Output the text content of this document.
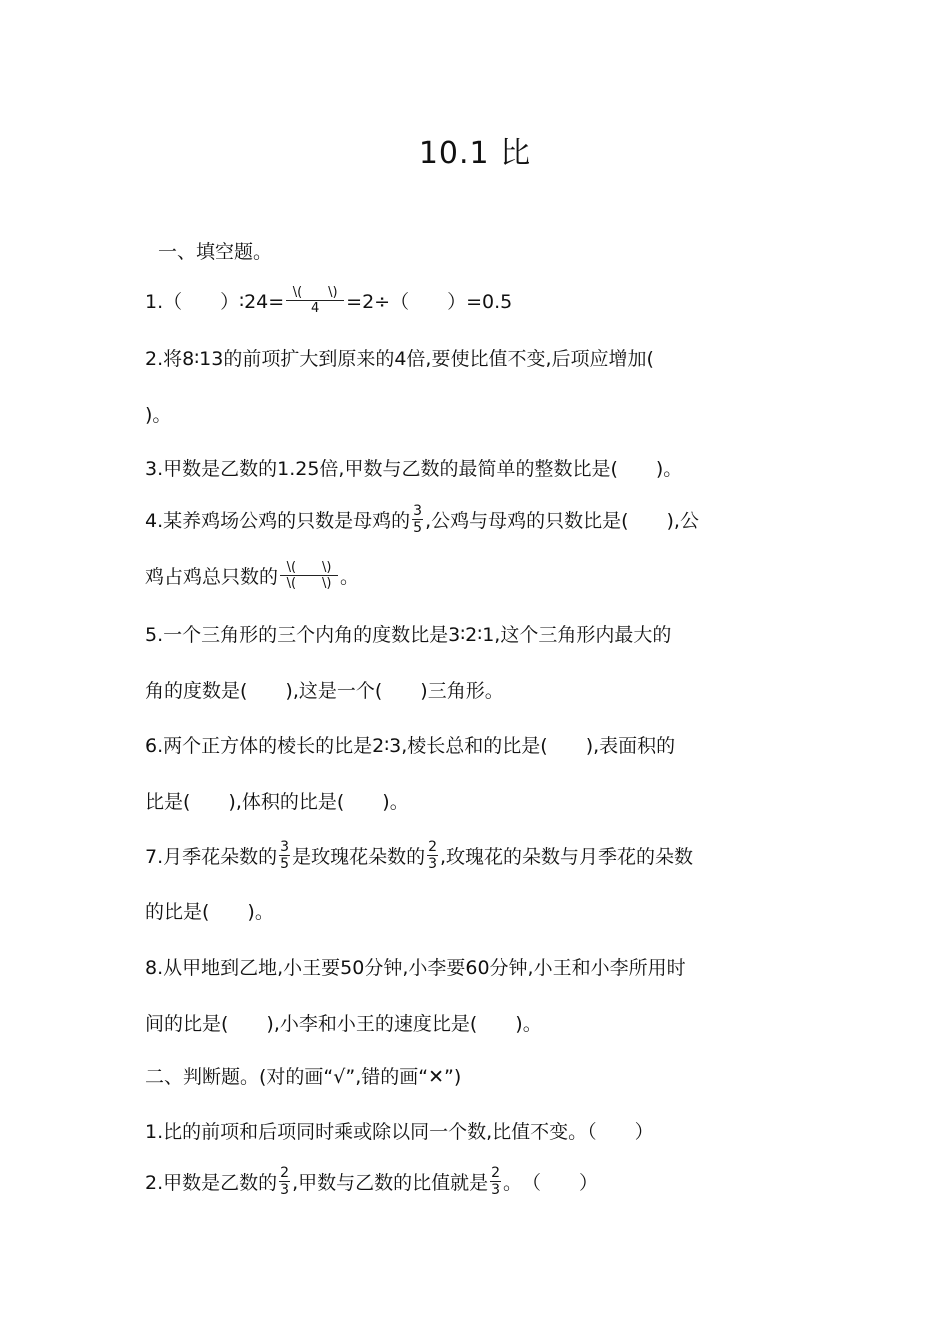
10.1 比
一、填空题。
1.（　　）∶24= $\frac{\backslash( \backslash)}{4} =2\div$（　　）=0.5
2.将8∶13的前项扩大到原来的4倍,要使比值不变,后项应增加(
)。
3.甲数是乙数的1.25倍,甲数与乙数的最简单的整数比是(　　)。
4.某养鸡场公鸡的只数是母鸡的 $\frac{3}{5}$ ,公鸡与母鸡的只数比是(　　),公
鸡占鸡总只数的 $\frac{\backslash( \backslash)}{\backslash( \backslash)}$ 。
5.一个三角形的三个内角的度数比是3∶2∶1,这个三角形内最大的
角的度数是(　　),这是一个(　　)三角形。
6.两个正方体的棱长的比是2∶3,棱长总和的比是(　　),表面积的
比是(　　),体积的比是(　　)。
7.月季花朵数的 $\frac{3}{5}$ 是玫瑰花朵数的 $\frac{2}{3}$ ,玫瑰花的朵数与月季花的朵数
的比是(　　)。
8.从甲地到乙地,小王要50分钟,小李要60分钟,小王和小李所用时
间的比是(　　),小李和小王的速度比是(　　)。
二、判断题。(对的画“√”,错的画“✕”)
1.比的前项和后项同时乘或除以同一个数,比值不变。（　　）
2.甲数是乙数的 $\frac{2}{3}$ ,甲数与乙数的比值就是 $\frac{2}{3}$ 。　（　　）
